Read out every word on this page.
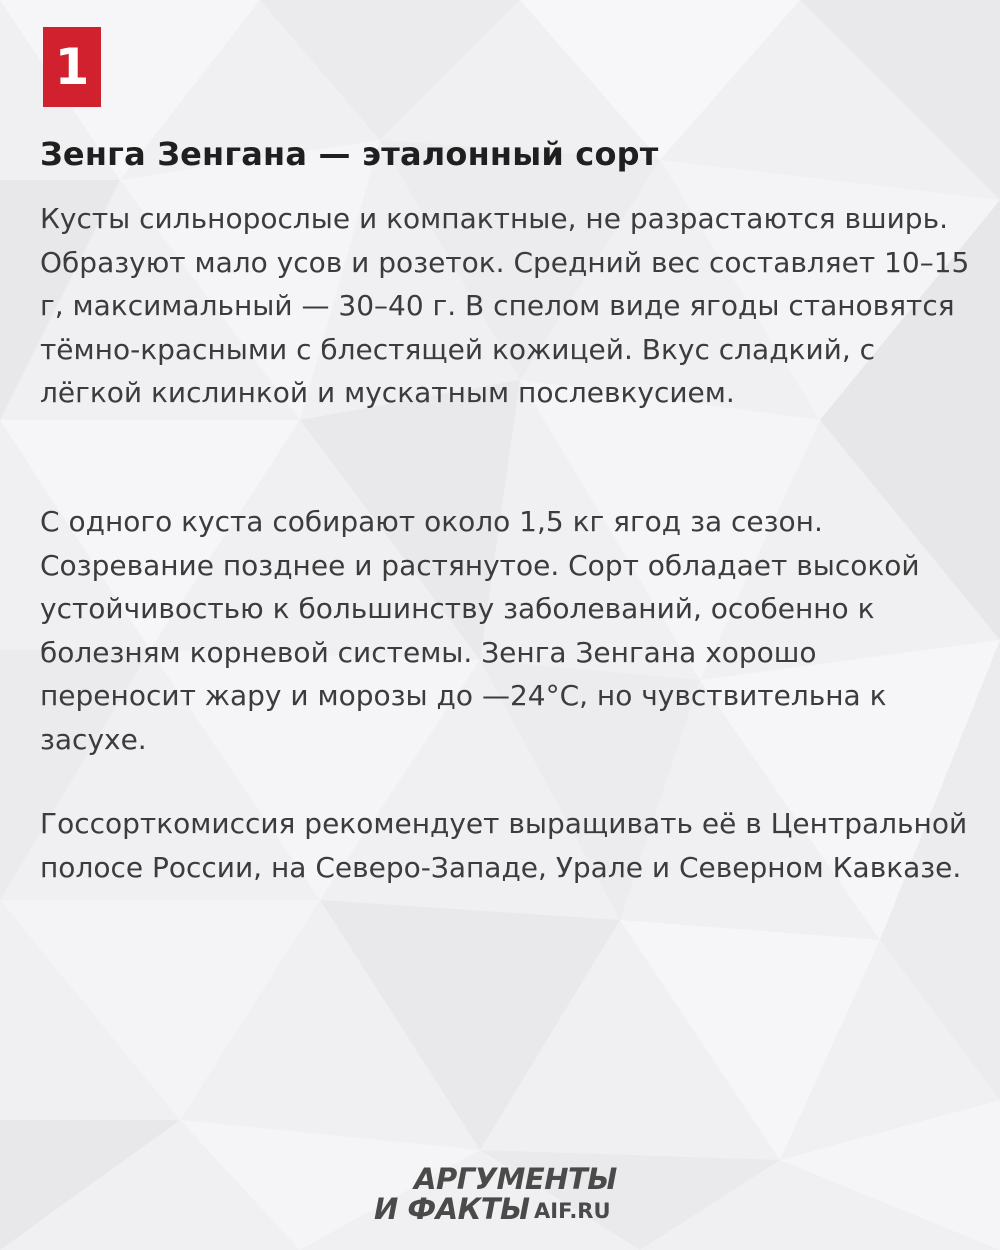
1
Зенга Зенгана — эталонный сорт

Кусты сильнорослые и компактные, не разрастаются вширь. Образуют мало усов и розеток. Средний вес составляет 10–15 г, максимальный — 30–40 г. В спелом виде ягоды становятся тёмно-красными с блестящей кожицей. Вкус сладкий, с лёгкой кислинкой и мускатным послевкусием.

С одного куста собирают около 1,5 кг ягод за сезон. Созревание позднее и растянутое. Сорт обладает высокой устойчивостью к большинству заболеваний, особенно к болезням корневой системы. Зенга Зенгана хорошо переносит жару и морозы до —24°С, но чувствительна к засухе.

Госсорткомиссия рекомендует выращивать её в Центральной полосе России, на Северо-Западе, Урале и Северном Кавказе.

АРГУМЕНТЫ
И ФАКТЫ AIF.RU
